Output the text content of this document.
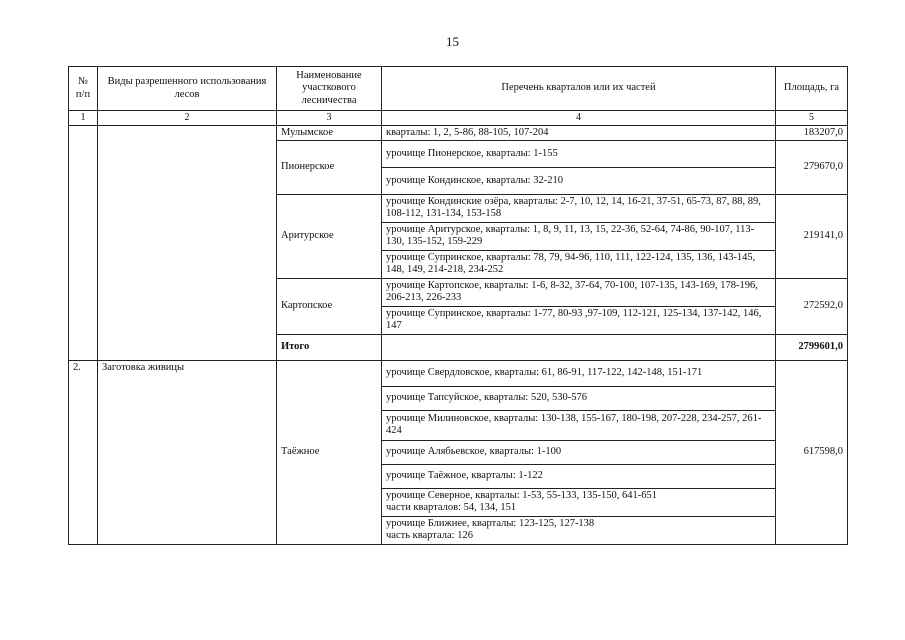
15
№ п/п	Виды разрешенного использования лесов	Наименование участкового лесничества	Перечень кварталов или их частей	Площадь, га
1	2	3	4	5
		Мулымское	кварталы: 1, 2, 5-86, 88-105, 107-204	183207,0
		Пионерское	урочище Пионерское, кварталы: 1-155	279670,0
			урочище Кондинское, кварталы: 32-210	
		Аритурское	урочище Кондинские озёра, кварталы: 2-7, 10, 12, 14, 16-21, 37-51, 65-73, 87, 88, 89, 108-112, 131-134, 153-158	219141,0
			урочище Аритурское, кварталы: 1, 8, 9, 11, 13, 15, 22-36, 52-64, 74-86, 90-107, 113-130, 135-152, 159-229	
			урочище Супринское, кварталы: 78, 79, 94-96, 110, 111, 122-124, 135, 136, 143-145, 148, 149, 214-218, 234-252	
		Картопское	урочище Картопское, кварталы: 1-6, 8-32, 37-64, 70-100, 107-135, 143-169, 178-196, 206-213, 226-233	272592,0
			урочище Супринское, кварталы: 1-77, 80-93 ,97-109, 112-121, 125-134, 137-142, 146, 147	
		Итого		2799601,0
2.	Заготовка живицы	Таёжное	урочище Свердловское, кварталы: 61, 86-91, 117-122, 142-148, 151-171	617598,0
			урочище Тапсуйское, кварталы: 520, 530-576	
			урочище Милиновское, кварталы: 130-138, 155-167, 180-198, 207-228, 234-257, 261-424	
			урочище Алябьевское, кварталы: 1-100	
			урочище Таёжное, кварталы: 1-122	

			урочище Северное, кварталы: 1-53, 55-133, 135-150, 641-651
части кварталов: 54, 134, 151	

			урочище Ближнее, кварталы: 123-125, 127-138
часть квартала: 126	
